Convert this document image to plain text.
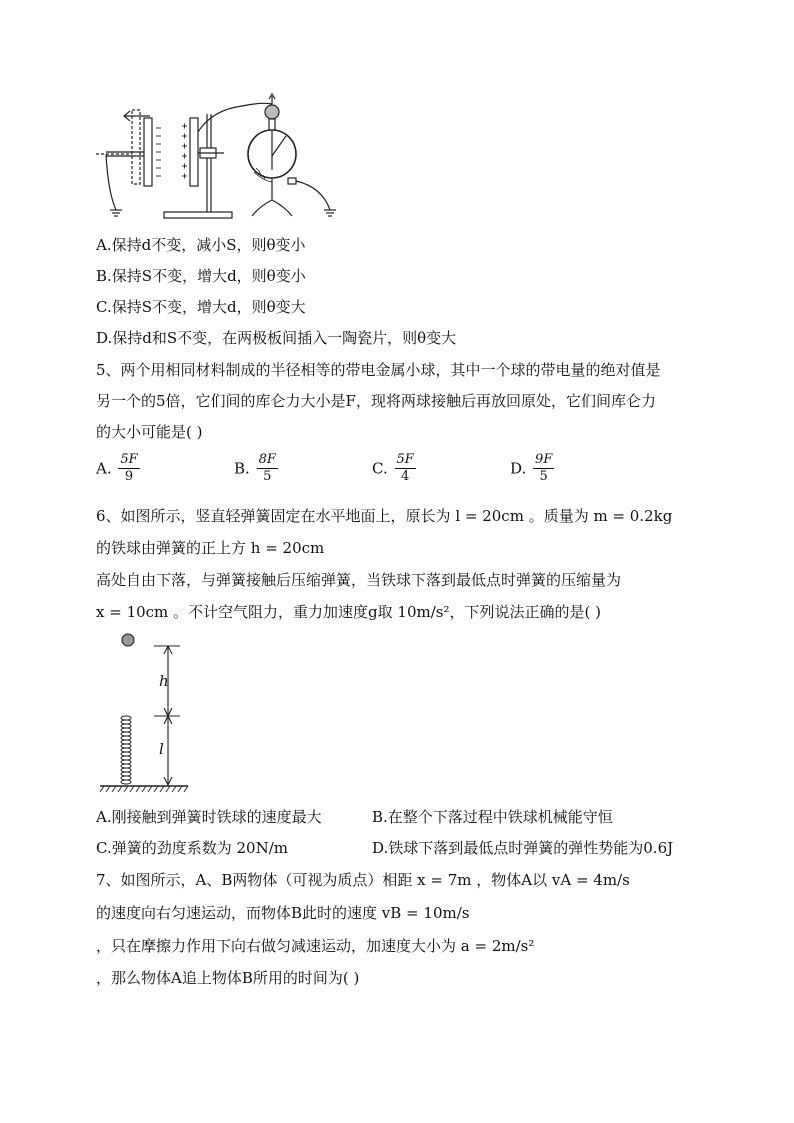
A.保持d不变，减小S，则θ变小
B.保持S不变，增大d，则θ变小
C.保持S不变，增大d，则θ变大
D.保持d和S不变，在两极板间插入一陶瓷片，则θ变大
5、两个用相同材料制成的半径相等的带电金属小球，其中一个球的带电量的绝对值是
另一个的5倍，它们间的库仑力大小是F，现将两球接触后再放回原处，它们间库仑力
的大小可能是( )
A. $\frac{5F}{9}$	B. $\frac{8F}{5}$	C. $\frac{5F}{4}$	D. $\frac{9F}{5}$
6、如图所示，竖直轻弹簧固定在水平地面上，原长为 l = 20cm 。质量为 m = 0.2kg
的铁球由弹簧的正上方 h = 20cm
高处自由下落，与弹簧接触后压缩弹簧，当铁球下落到最低点时弹簧的压缩量为
x = 10cm 。不计空气阻力，重力加速度g取 10m/s²，下列说法正确的是( )
h
l
A.刚接触到弹簧时铁球的速度最大	B.在整个下落过程中铁球机械能守恒
C.弹簧的劲度系数为 20N/m	D.铁球下落到最低点时弹簧的弹性势能为0.6J
7、如图所示，A、B两物体（可视为质点）相距 x = 7m ，物体A以 vA = 4m/s
的速度向右匀速运动，而物体B此时的速度 vB = 10m/s
，只在摩擦力作用下向右做匀减速运动，加速度大小为 a = 2m/s²
，那么物体A追上物体B所用的时间为( )
